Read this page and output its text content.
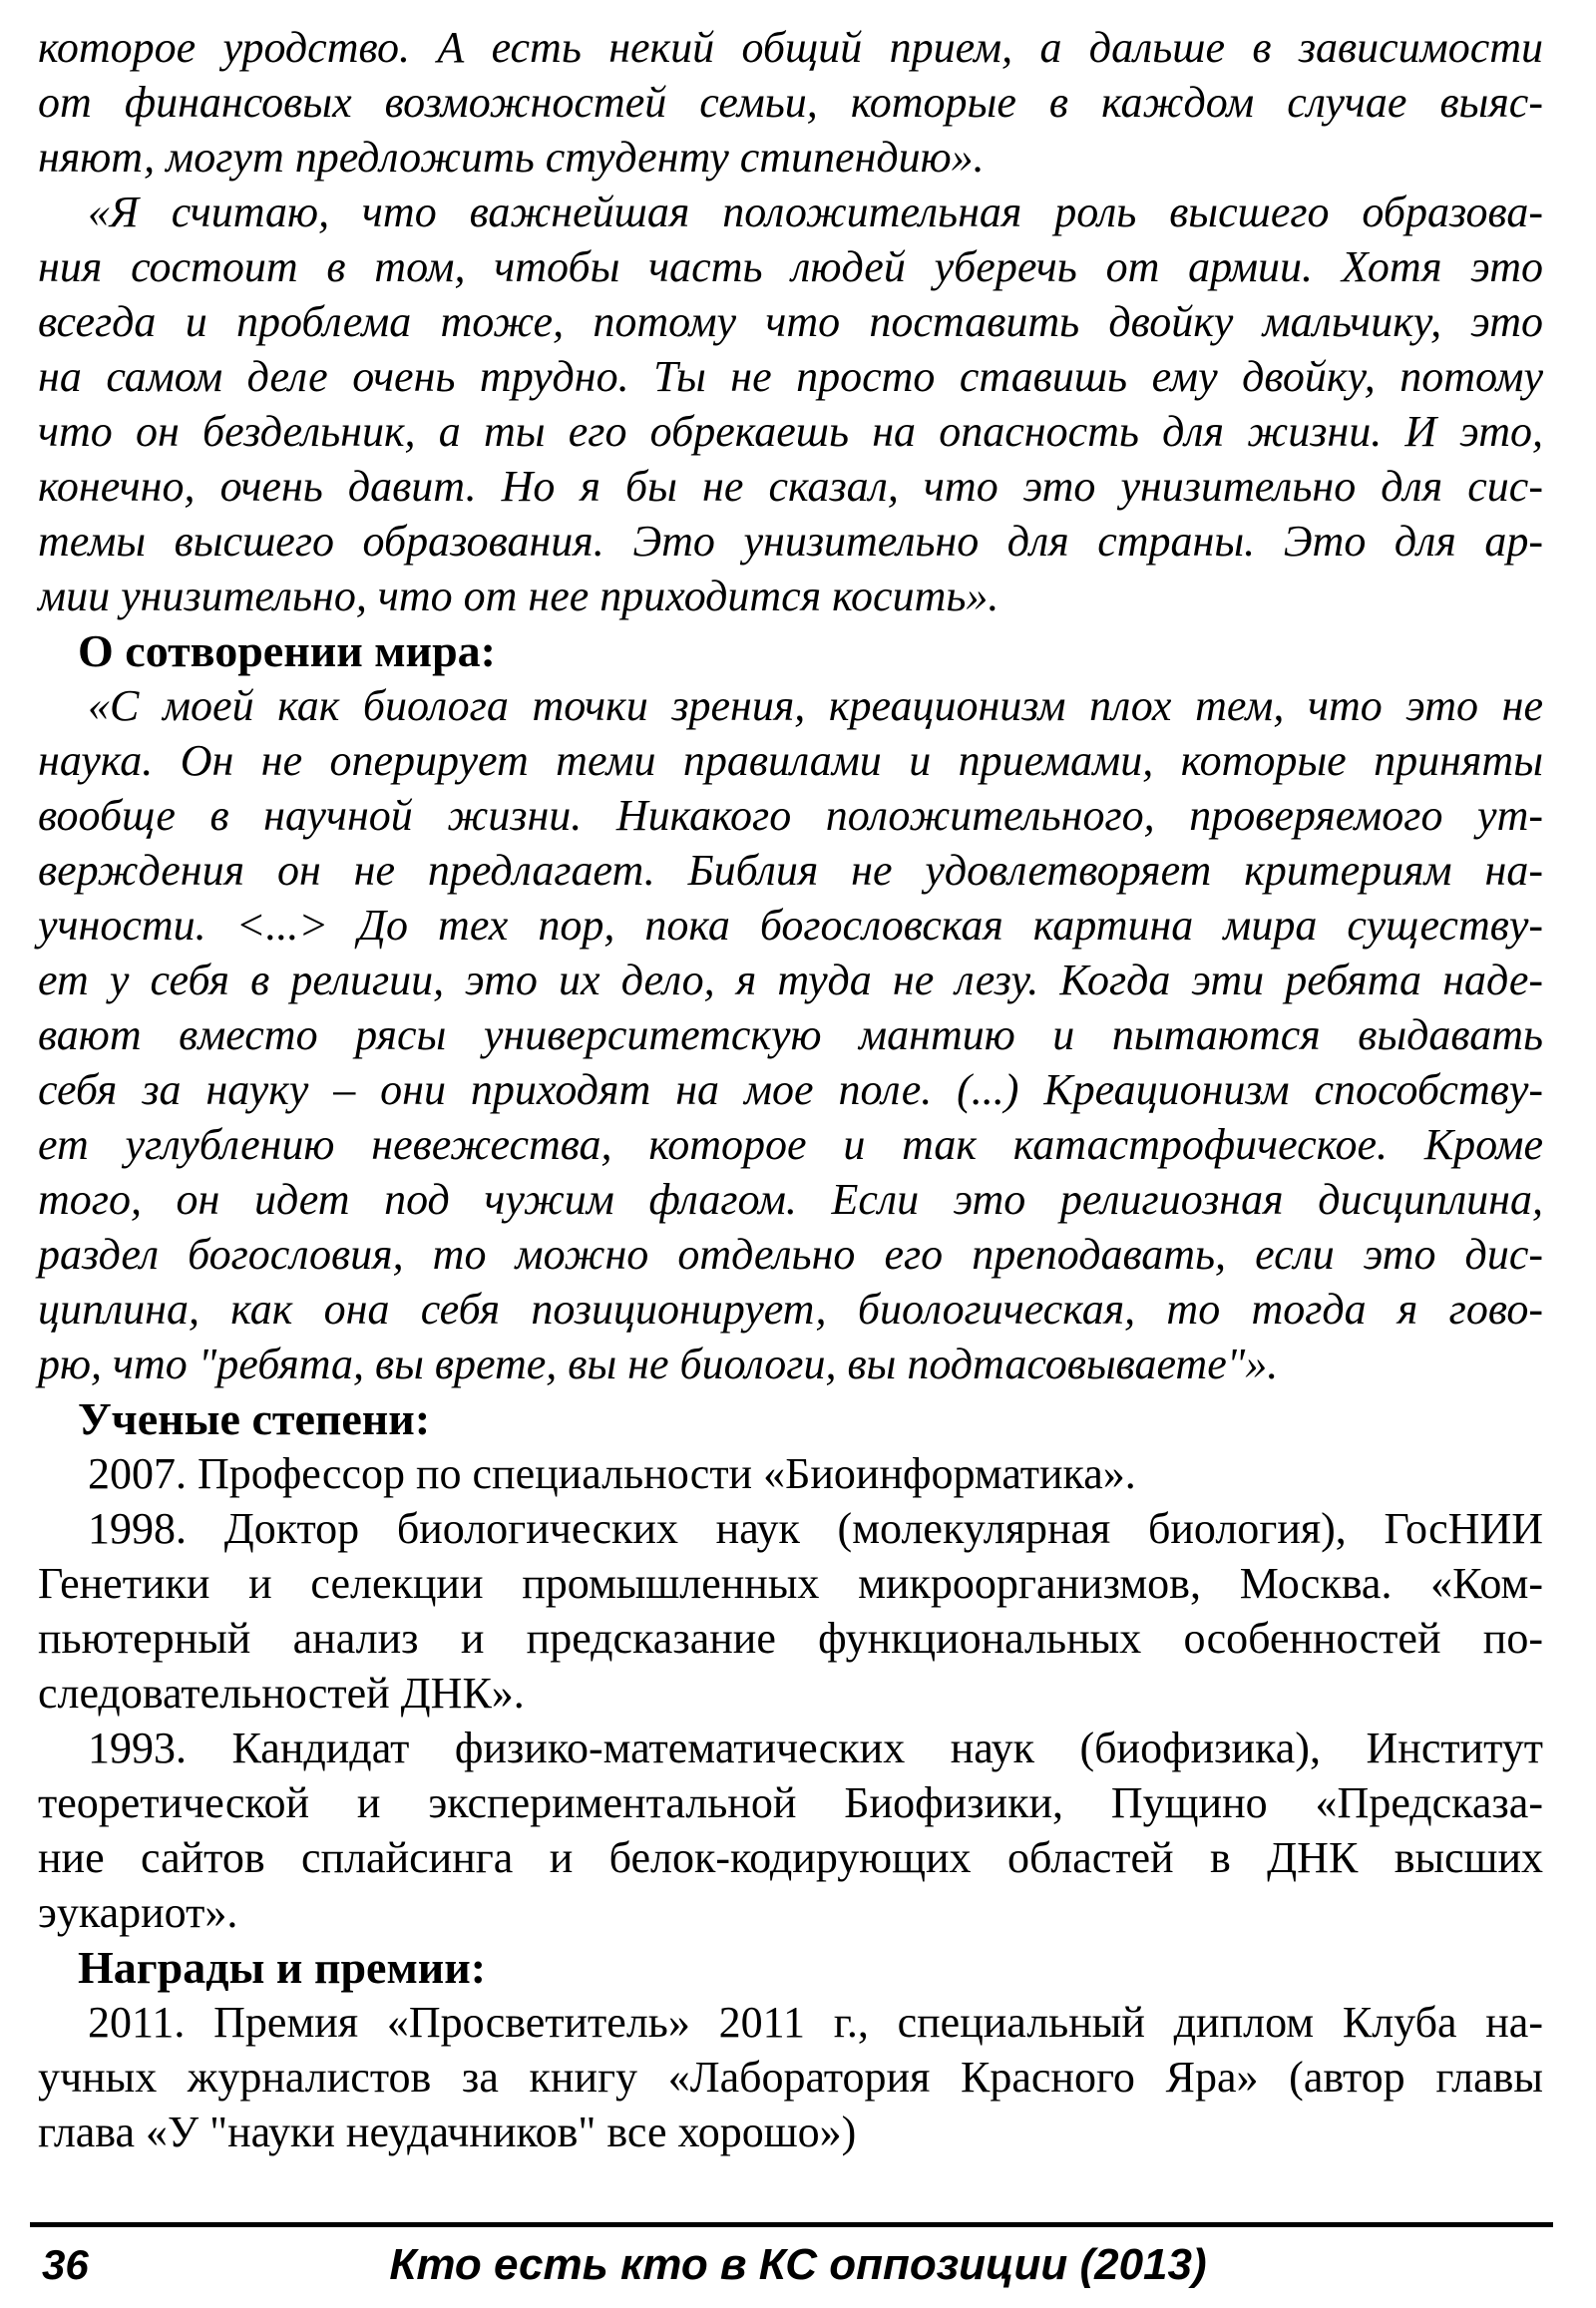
которое уродство. А есть некий общий прием, а дальше в зависимости
от финансовых возможностей семьи, которые в каждом случае выяс-
няют, могут предложить студенту стипендию».
«Я считаю, что важнейшая положительная роль высшего образова-
ния состоит в том, чтобы часть людей уберечь от армии. Хотя это
всегда и проблема тоже, потому что поставить двойку мальчику, это
на самом деле очень трудно. Ты не просто ставишь ему двойку, потому
что он бездельник, а ты его обрекаешь на опасность для жизни. И это,
конечно, очень давит. Но я бы не сказал, что это унизительно для сис-
темы высшего образования. Это унизительно для страны. Это для ар-
мии унизительно, что от нее приходится косить».
О сотворении мира:
«С моей как биолога точки зрения, креационизм плох тем, что это не
наука. Он не оперирует теми правилами и приемами, которые приняты
вообще в научной жизни. Никакого положительного, проверяемого ут-
верждения он не предлагает. Библия не удовлетворяет критериям на-
учности. <...> До тех пор, пока богословская картина мира существу-
ет у себя в религии, это их дело, я туда не лезу. Когда эти ребята наде-
вают вместо рясы университетскую мантию и пытаются выдавать
себя за науку – они приходят на мое поле. (...) Креационизм способству-
ет углублению невежества, которое и так катастрофическое. Кроме
того, он идет под чужим флагом. Если это религиозная дисциплина,
раздел богословия, то можно отдельно его преподавать, если это дис-
циплина, как она себя позиционирует, биологическая, то тогда я гово-
рю, что "ребята, вы врете, вы не биологи, вы подтасовываете"».
Ученые степени:
2007. Профессор по специальности «Биоинформатика».
1998. Доктор биологических наук (молекулярная биология), ГосНИИ
Генетики и селекции промышленных микроорганизмов, Москва. «Ком-
пьютерный анализ и предсказание функциональных особенностей по-
следовательностей ДНК».
1993. Кандидат физико-математических наук (биофизика), Институт
теоретической и экспериментальной Биофизики, Пущино «Предсказа-
ние сайтов сплайсинга и белок-кодирующих областей в ДНК высших
эукариот».
Награды и премии:
2011. Премия «Просветитель» 2011 г., специальный диплом Клуба на-
учных журналистов за книгу «Лаборатория Красного Яра» (автор главы
глава «У "науки неудачников" все хорошо»)
36	Кто есть кто в КС оппозиции (2013)
